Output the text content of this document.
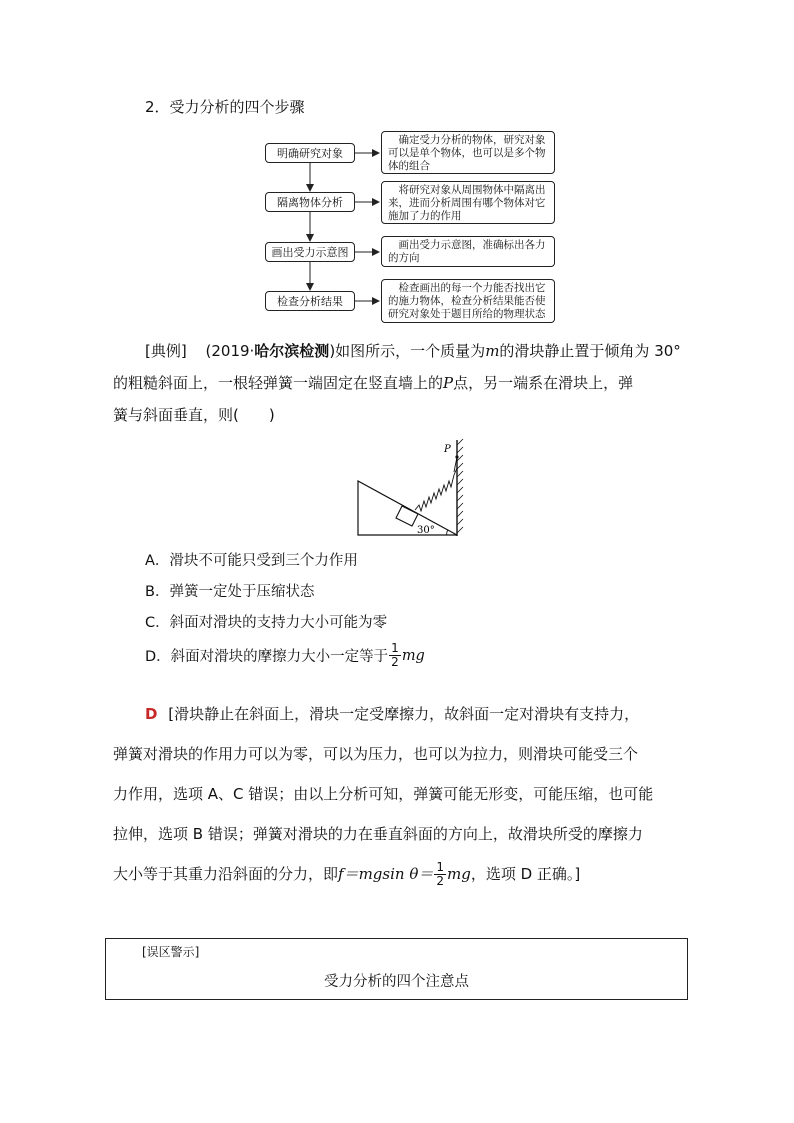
2．受力分析的四个步骤
明确研究对象
隔离物体分析
画出受力示意图
检查分析结果
确定受力分析的物体，研究对象可以是单个物体，也可以是多个物体的组合
将研究对象从周围物体中隔离出来，进而分析周围有哪个物体对它施加了力的作用
画出受力示意图，准确标出各力的方向
检查画出的每一个力能否找出它的施力物体，检查分析结果能否使研究对象处于题目所给的物理状态
[典例] (2019·哈尔滨检测)如图所示，一个质量为m的滑块静止置于倾角为 30°
的粗糙斜面上，一根轻弹簧一端固定在竖直墙上的P点，另一端系在滑块上，弹
簧与斜面垂直，则(　　)
P
30°
A．滑块不可能只受到三个力作用
B．弹簧一定处于压缩状态
C．斜面对滑块的支持力大小可能为零
D．斜面对滑块的摩擦力大小一定等于 $\frac{1}{2}$ mg
D [滑块静止在斜面上，滑块一定受摩擦力，故斜面一定对滑块有支持力，
弹簧对滑块的作用力可以为零，可以为压力，也可以为拉力，则滑块可能受三个
力作用，选项 A、C 错误；由以上分析可知，弹簧可能无形变，可能压缩，也可能
拉伸，选项 B 错误；弹簧对滑块的力在垂直斜面的方向上，故滑块所受的摩擦力
大小等于其重力沿斜面的分力，即 f＝mgsin $\theta= \frac{1}{2}$ mg ，选项 D 正确。]
[误区警示]
受力分析的四个注意点
